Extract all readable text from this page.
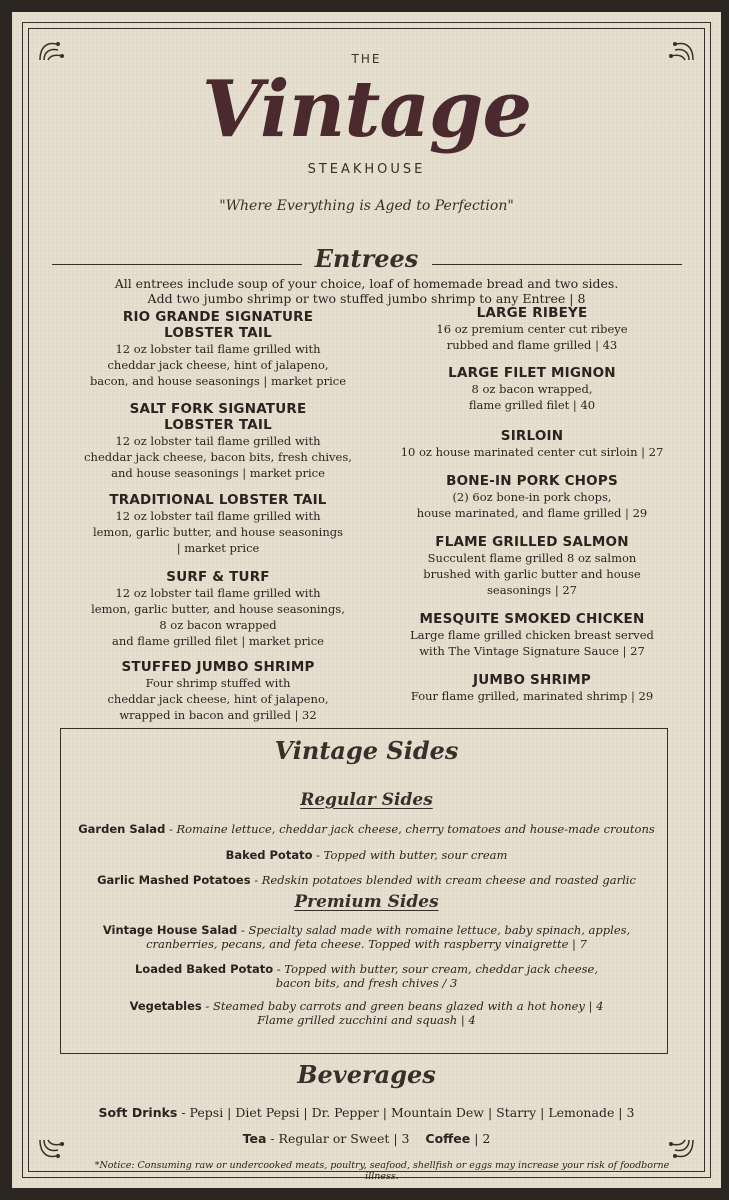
THE
Vintage
STEAKHOUSE
"Where Everything is Aged to Perfection"
Entrees
All entrees include soup of your choice, loaf of homemade bread and two sides.
Add two jumbo shrimp or two stuffed jumbo shrimp to any Entree | 8
RIO GRANDE SIGNATURE
LOBSTER TAIL
12 oz lobster tail flame grilled with
cheddar jack cheese, hint of jalapeno,
bacon, and house seasonings | market price
SALT FORK SIGNATURE
LOBSTER TAIL
12 oz lobster tail flame grilled with
cheddar jack cheese, bacon bits, fresh chives,
and house seasonings | market price
TRADITIONAL LOBSTER TAIL
12 oz lobster tail flame grilled with
lemon, garlic butter, and house seasonings
| market price
SURF & TURF
12 oz lobster tail flame grilled with
lemon, garlic butter, and house seasonings,
8 oz bacon wrapped
and flame grilled filet | market price
STUFFED JUMBO SHRIMP
Four shrimp stuffed with
cheddar jack cheese, hint of jalapeno,
wrapped in bacon and grilled | 32
LARGE RIBEYE
16 oz premium center cut ribeye
rubbed and flame grilled | 43
LARGE FILET MIGNON
8 oz bacon wrapped,
flame grilled filet | 40
SIRLOIN
10 oz house marinated center cut sirloin | 27
BONE-IN PORK CHOPS
(2) 6oz bone-in pork chops,
house marinated, and flame grilled | 29
FLAME GRILLED SALMON
Succulent flame grilled 8 oz salmon
brushed with garlic butter and house
seasonings | 27
MESQUITE SMOKED CHICKEN
Large flame grilled chicken breast served
with The Vintage Signature Sauce | 27
JUMBO SHRIMP
Four flame grilled, marinated shrimp | 29
Vintage Sides
Regular Sides
Garden Salad - Romaine lettuce, cheddar jack cheese, cherry tomatoes and house-made croutons
Baked Potato - Topped with butter, sour cream
Garlic Mashed Potatoes - Redskin potatoes blended with cream cheese and roasted garlic
Premium Sides
Vintage House Salad - Specialty salad made with romaine lettuce, baby spinach, apples,
cranberries, pecans, and feta cheese. Topped with raspberry vinaigrette | 7
Loaded Baked Potato - Topped with butter, sour cream, cheddar jack cheese,
bacon bits, and fresh chives / 3
Vegetables - Steamed baby carrots and green beans glazed with a hot honey | 4
Flame grilled zucchini and squash | 4
Beverages
Soft Drinks - Pepsi | Diet Pepsi | Dr. Pepper | Mountain Dew | Starry | Lemonade | 3
Tea - Regular or Sweet | 3 Coffee | 2
*Notice: Consuming raw or undercooked meats, poultry, seafood, shellfish or eggs may increase your risk of foodborne illness.
